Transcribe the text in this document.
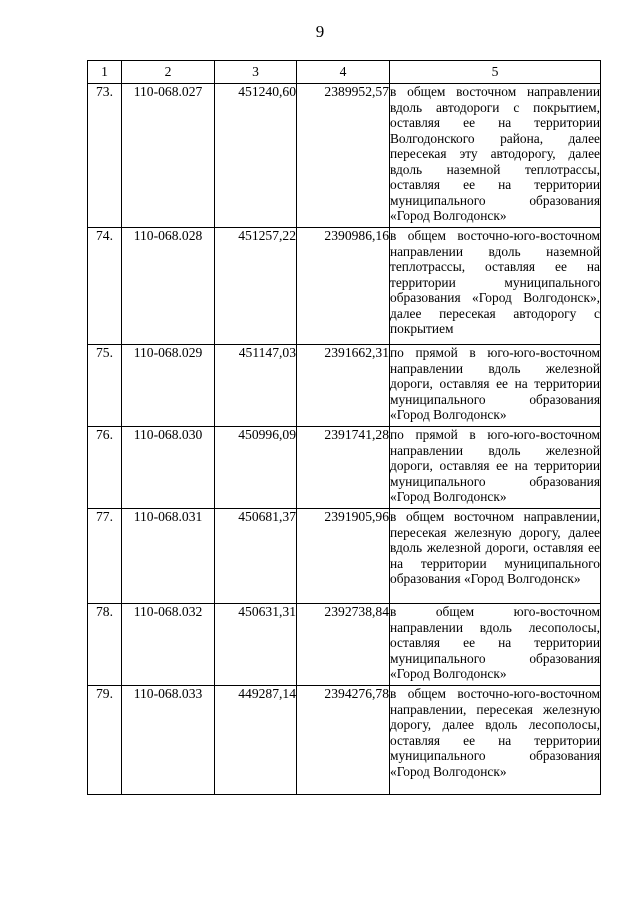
9
1	2	3	4	5
73.	110-068.027	451240,60	2389952,57	в общем восточном направлении вдоль автодороги с покрытием, оставляя ее на территории Волгодонского района, далее пересекая эту автодорогу, далее вдоль наземной теплотрассы, оставляя ее на территории муниципального образования «Город Волгодонск»
74.	110-068.028	451257,22	2390986,16	в общем восточно-юго-восточном направлении вдоль наземной теплотрассы, оставляя ее на территории муниципального образования «Город Волгодонск», далее пересекая автодорогу с покрытием
75.	110-068.029	451147,03	2391662,31	по прямой в юго-юго-восточном направлении вдоль железной дороги, оставляя ее на территории муниципального образования «Город Волгодонск»
76.	110-068.030	450996,09	2391741,28	по прямой в юго-юго-восточном направлении вдоль железной дороги, оставляя ее на территории муниципального образования «Город Волгодонск»
77.	110-068.031	450681,37	2391905,96	в общем восточном направлении, пересекая железную дорогу, далее вдоль железной дороги, оставляя ее на территории муниципального образования «Город Волгодонск»
78.	110-068.032	450631,31	2392738,84	в общем юго-восточном направлении вдоль лесополосы, оставляя ее на территории муниципального образования «Город Волгодонск»
79.	110-068.033	449287,14	2394276,78	в общем восточно-юго-восточном направлении, пересекая железную дорогу, далее вдоль лесополосы, оставляя ее на территории муниципального образования «Город Волгодонск»
